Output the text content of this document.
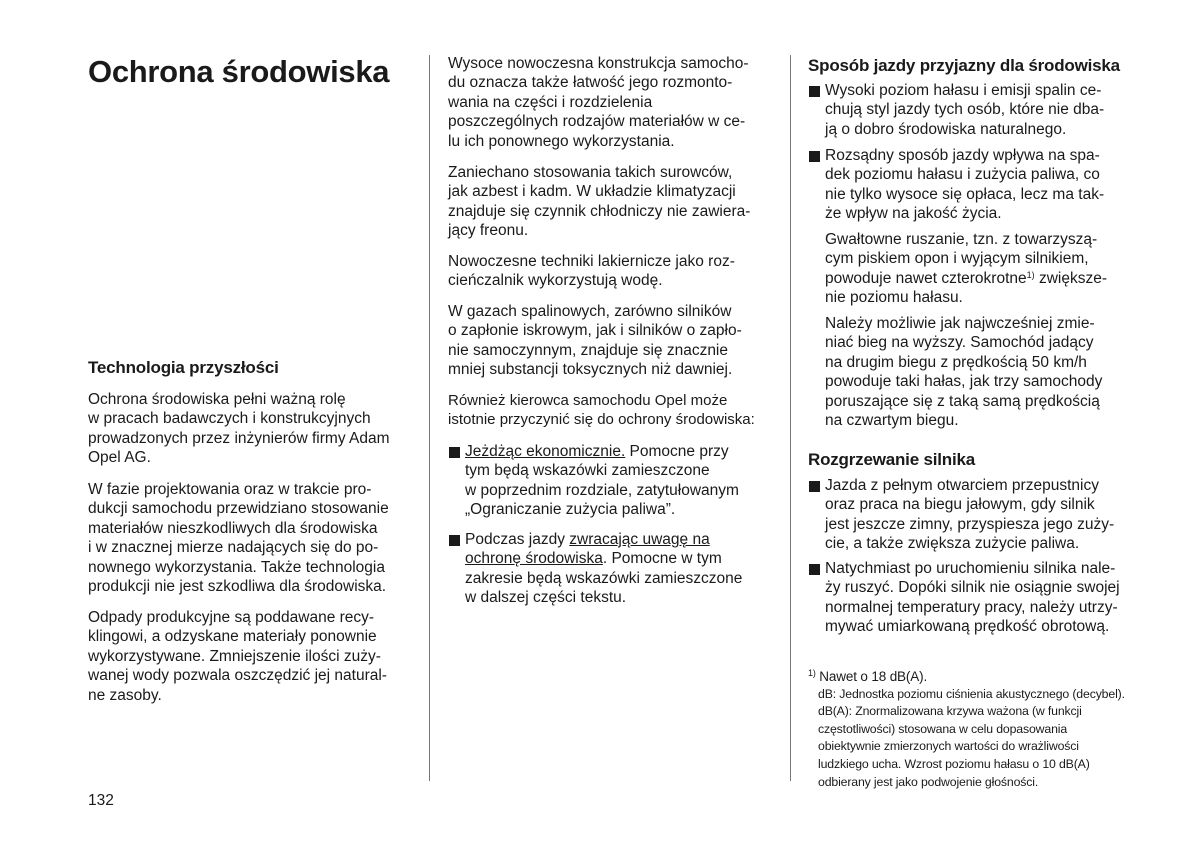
Ochrona środowiska
Technologia przyszłości

Ochrona środowiska pełni ważną rolę
w pracach badawczych i konstrukcyjnych
prowadzonych przez inżynierów firmy Adam
Opel AG.

W fazie projektowania oraz w trakcie pro-
dukcji samochodu przewidziano stosowanie
materiałów nieszkodliwych dla środowiska
i w znacznej mierze nadających się do po-
nownego wykorzystania. Także technologia
produkcji nie jest szkodliwa dla środowiska.

Odpady produkcyjne są poddawane recy-
klingowi, a odzyskane materiały ponownie
wykorzystywane. Zmniejszenie ilości zuży-
wanej wody pozwala oszczędzić jej natural-
ne zasoby.

Wysoce nowoczesna konstrukcja samocho-
du oznacza także łatwość jego rozmonto-
wania na części i rozdzielenia
poszczególnych rodzajów materiałów w ce-
lu ich ponownego wykorzystania.

Zaniechano stosowania takich surowców,
jak azbest i kadm. W układzie klimatyzacji
znajduje się czynnik chłodniczy nie zawiera-
jący freonu.

Nowoczesne techniki lakiernicze jako roz-
cieńczalnik wykorzystują wodę.

W gazach spalinowych, zarówno silników
o zapłonie iskrowym, jak i silników o zapło-
nie samoczynnym, znajduje się znacznie
mniej substancji toksycznych niż dawniej.

Również kierowca samochodu Opel może
istotnie przyczynić się do ochrony środowiska:

Jeżdżąc ekonomicznie. Pomocne przy
tym będą wskazówki zamieszczone
w poprzednim rozdziale, zatytułowanym
„Ograniczanie zużycia paliwa”.

Podczas jazdy zwracając uwagę na
ochronę środowiska. Pomocne w tym
zakresie będą wskazówki zamieszczone
w dalszej części tekstu.

Sposób jazdy przyjazny dla środowiska

Wysoki poziom hałasu i emisji spalin ce-
chują styl jazdy tych osób, które nie dba-
ją o dobro środowiska naturalnego.

Rozsądny sposób jazdy wpływa na spa-
dek poziomu hałasu i zużycia paliwa, co
nie tylko wysoce się opłaca, lecz ma tak-
że wpływ na jakość życia.

Gwałtowne ruszanie, tzn. z towarzyszą-
cym piskiem opon i wyjącym silnikiem,
powoduje nawet czterokrotne$^{1)}$ zwiększe-
nie poziomu hałasu.

Należy możliwie jak najwcześniej zmie-
niać bieg na wyższy. Samochód jadący
na drugim biegu z prędkością 50 km/h
powoduje taki hałas, jak trzy samochody
poruszające się z taką samą prędkością
na czwartym biegu.

Rozgrzewanie silnika

Jazda z pełnym otwarciem przepustnicy
oraz praca na biegu jałowym, gdy silnik
jest jeszcze zimny, przyspiesza jego zuży-
cie, a także zwiększa zużycie paliwa.

Natychmiast po uruchomieniu silnika nale-
ży ruszyć. Dopóki silnik nie osiągnie swojej
normalnej temperatury pracy, należy utrzy-
mywać umiarkowaną prędkość obrotową.

$^{1)}$ Nawet o 18 dB(A).
dB: Jednostka poziomu ciśnienia akustycznego (decybel).
dB(A): Znormalizowana krzywa ważona (w funkcji
częstotliwości) stosowana w celu dopasowania
obiektywnie zmierzonych wartości do wrażliwości
ludzkiego ucha. Wzrost poziomu hałasu o 10 dB(A)
odbierany jest jako podwojenie głośności.

132
